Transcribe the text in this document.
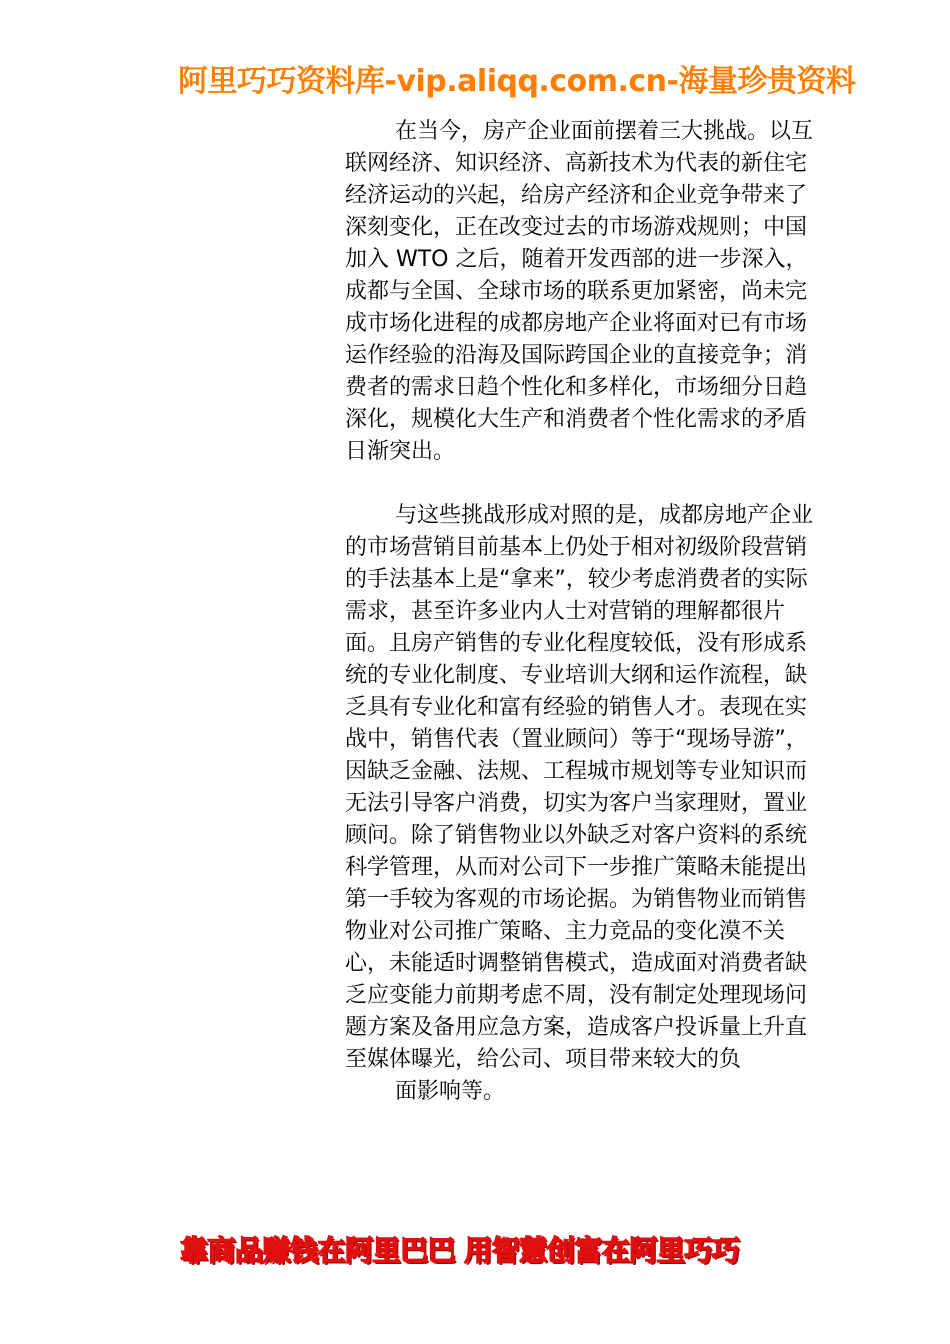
阿里巧巧资料库-vip.aliqq.com.cn-海量珍贵资料

在当今，房产企业面前摆着三大挑战。以互联网经济、知识经济、高新技术为代表的新住宅经济运动的兴起，给房产经济和企业竞争带来了深刻变化，正在改变过去的市场游戏规则；中国加入 WTO 之后，随着开发西部的进一步深入，成都与全国、全球市场的联系更加紧密，尚未完成市场化进程的成都房地产企业将面对已有市场运作经验的沿海及国际跨国企业的直接竞争；消费者的需求日趋个性化和多样化，市场细分日趋深化，规模化大生产和消费者个性化需求的矛盾日渐突出。

与这些挑战形成对照的是，成都房地产企业的市场营销目前基本上仍处于相对初级阶段营销的手法基本上是“拿来”，较少考虑消费者的实际需求，甚至许多业内人士对营销的理解都很片面。且房产销售的专业化程度较低，没有形成系统的专业化制度、专业培训大纲和运作流程，缺乏具有专业化和富有经验的销售人才。表现在实战中，销售代表（置业顾问）等于“现场导游”，因缺乏金融、法规、工程城市规划等专业知识而无法引导客户消费，切实为客户当家理财，置业顾问。除了销售物业以外缺乏对客户资料的系统科学管理，从而对公司下一步推广策略未能提出第一手较为客观的市场论据。为销售物业而销售物业对公司推广策略、主力竞品的变化漠不关心，未能适时调整销售模式，造成面对消费者缺乏应变能力前期考虑不周，没有制定处理现场问题方案及备用应急方案，造成客户投诉量上升直至媒体曝光，给公司、项目带来较大的负

面影响等。

靠商品赚钱在阿里巴巴 用智慧创富在阿里巧巧
